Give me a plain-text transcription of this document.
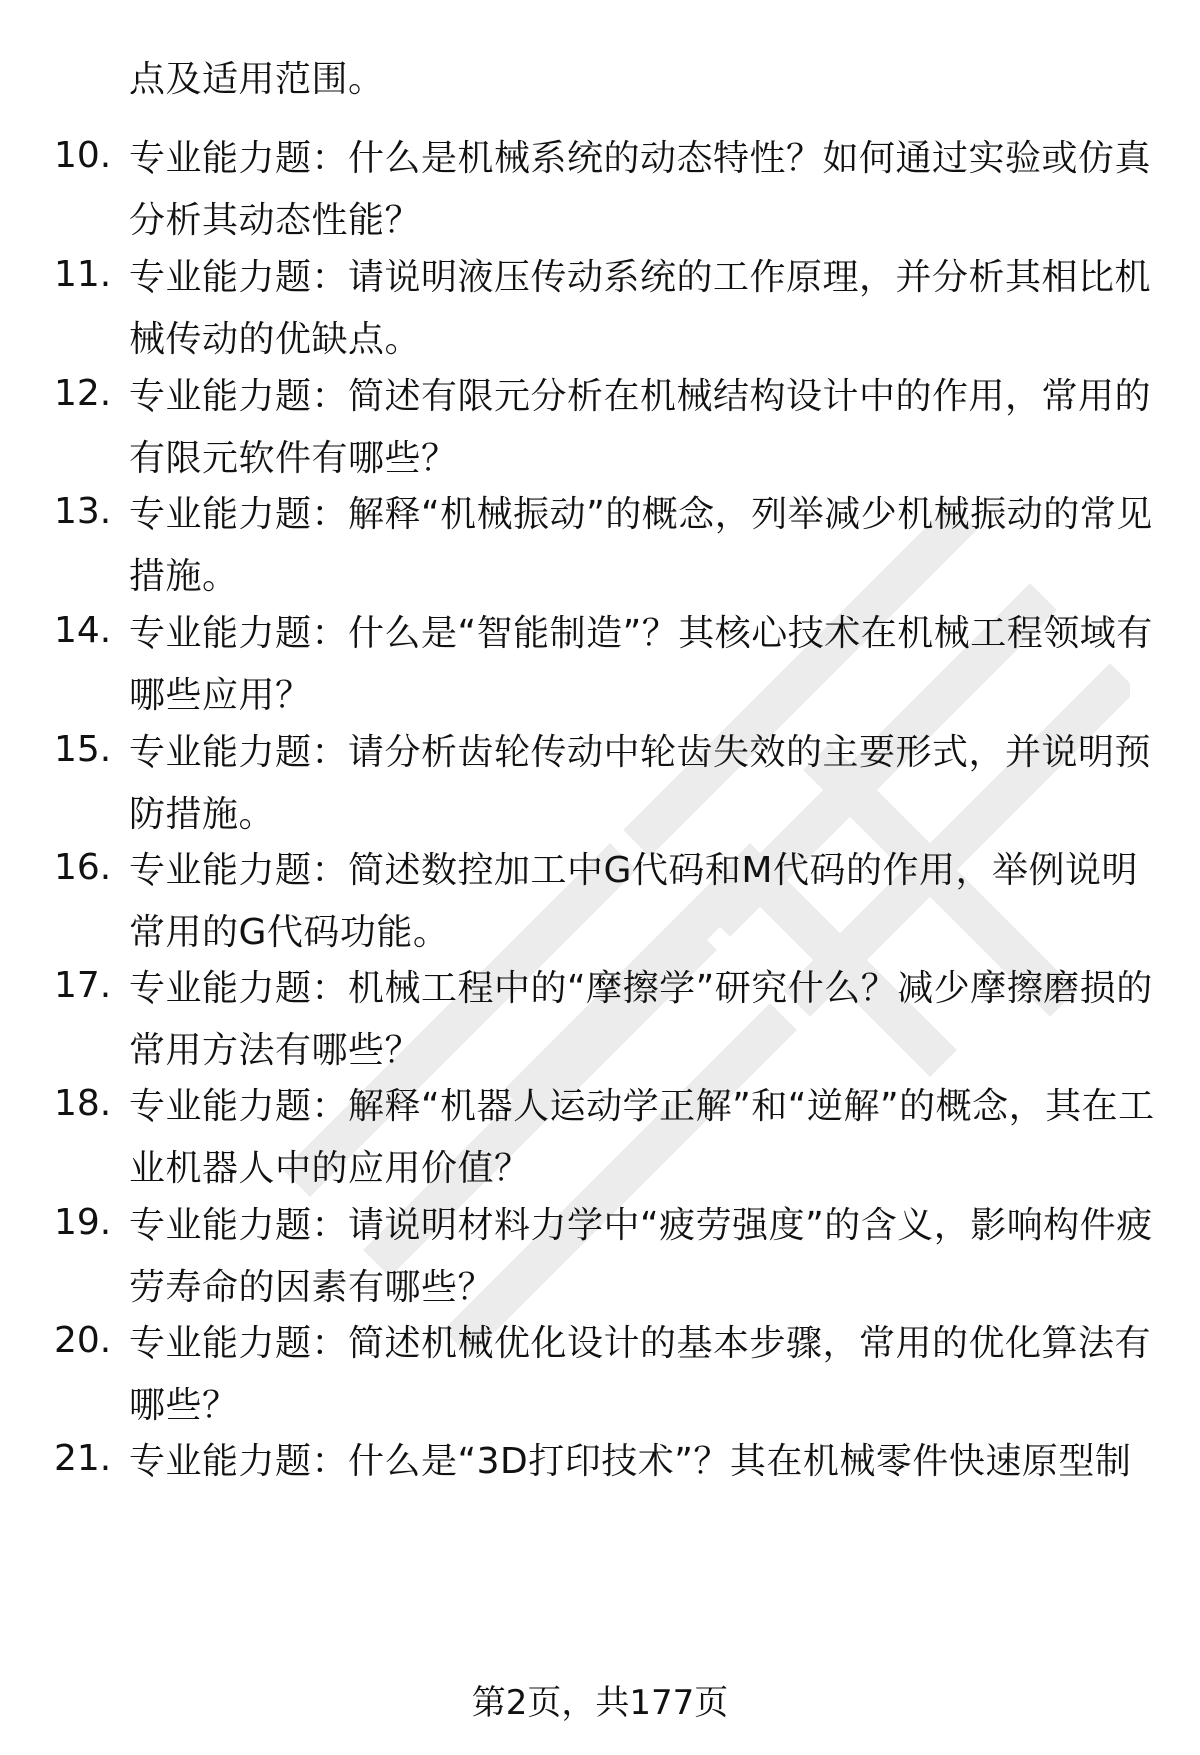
点及适用范围。
10. 专业能力题：什么是机械系统的动态特性？如何通过实验或仿真分析其动态性能？
11. 专业能力题：请说明液压传动系统的工作原理，并分析其相比机械传动的优缺点。
12. 专业能力题：简述有限元分析在机械结构设计中的作用，常用的有限元软件有哪些？
13. 专业能力题：解释“机械振动”的概念，列举减少机械振动的常见措施。
14. 专业能力题：什么是“智能制造”？其核心技术在机械工程领域有哪些应用？
15. 专业能力题：请分析齿轮传动中轮齿失效的主要形式，并说明预防措施。
16. 专业能力题：简述数控加工中G代码和M代码的作用，举例说明常用的G代码功能。
17. 专业能力题：机械工程中的“摩擦学”研究什么？减少摩擦磨损的常用方法有哪些？
18. 专业能力题：解释“机器人运动学正解”和“逆解”的概念，其在工业机器人中的应用价值？
19. 专业能力题：请说明材料力学中“疲劳强度”的含义，影响构件疲劳寿命的因素有哪些？
20. 专业能力题：简述机械优化设计的基本步骤，常用的优化算法有哪些？
21. 专业能力题：什么是“3D打印技术”？其在机械零件快速原型制
第2页，共177页
